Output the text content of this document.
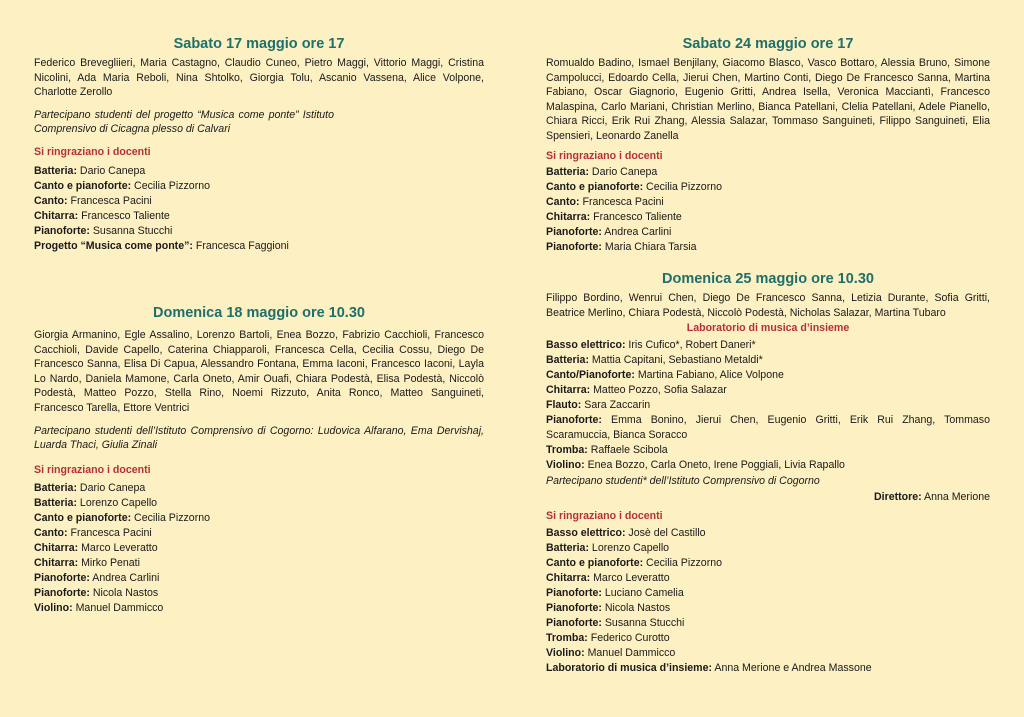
Sabato 17 maggio ore 17

Federico Brevegliieri, Maria Castagno, Claudio Cuneo, Pietro Maggi, Vittorio Maggi, Cristina Nicolini, Ada Maria Reboli, Nina Shtolko, Giorgia Tolu, Ascanio Vassena, Alice Volpone, Charlotte Zerollo

Partecipano studenti del progetto “Musica come ponte” Istituto Comprensivo di Cicagna plesso di Calvari

Si ringraziano i docenti

Batteria: Dario Canepa
Canto e pianoforte: Cecilia Pizzorno
Canto: Francesca Pacini
Chitarra: Francesco Taliente
Pianoforte: Susanna Stucchi
Progetto “Musica come ponte”: Francesca Faggioni
Domenica 18 maggio ore 10.30

Giorgia Armanino, Egle Assalino, Lorenzo Bartoli, Enea Bozzo, Fabrizio Cacchioli, Francesco Cacchioli, Davide Capello, Caterina Chiapparoli, Francesca Cella, Cecilia Cossu, Diego De Francesco Sanna, Elisa Di Capua, Alessandro Fontana, Emma Iaconi, Francesco Iaconi, Layla Lo Nardo, Daniela Mamone, Carla Oneto, Amir Ouafi, Chiara Podestà, Elisa Podestà, Niccolò Podestà, Matteo Pozzo, Stella Rino, Noemi Rizzuto, Anita Ronco, Matteo Sanguineti, Francesco Tarella, Ettore Ventrici

Partecipano studenti dell’Istituto Comprensivo di Cogorno: Ludovica Alfarano, Ema Dervishaj, Luarda Thaci, Giulia Zinali

Si ringraziano i docenti

Batteria: Dario Canepa
Batteria: Lorenzo Capello
Canto e pianoforte: Cecilia Pizzorno
Canto: Francesca Pacini
Chitarra: Marco Leveratto
Chitarra: Mirko Penati
Pianoforte: Andrea Carlini
Pianoforte: Nicola Nastos
Violino: Manuel Dammicco
Sabato 24 maggio ore 17

Romualdo Badino, Ismael Benjilany, Giacomo Blasco, Vasco Bottaro, Alessia Bruno, Simone Campolucci, Edoardo Cella, Jierui Chen, Martino Conti, Diego De Francesco Sanna, Martina Fabiano, Oscar Giagnorio, Eugenio Gritti, Andrea Isella, Veronica Macciantì, Francesco Malaspina, Carlo Mariani, Christian Merlino, Bianca Patellani, Clelia Patellani, Adele Pianello, Chiara Ricci, Erik Rui Zhang, Alessia Salazar, Tommaso Sanguineti, Filippo Sanguineti, Elia Spensieri, Leonardo Zanella

Si ringraziano i docenti

Batteria: Dario Canepa
Canto e pianoforte: Cecilia Pizzorno
Canto: Francesca Pacini
Chitarra: Francesco Taliente
Pianoforte: Andrea Carlini
Pianoforte: Maria Chiara Tarsia
Domenica 25 maggio ore 10.30

Filippo Bordino, Wenrui Chen, Diego De Francesco Sanna, Letizia Durante, Sofia Gritti, Beatrice Merlino, Chiara Podestà, Niccolò Podestà, Nicholas Salazar, Martina Tubaro

Laboratorio di musica d’insieme

Basso elettrico: Iris Cufico*, Robert Daneri*
Batteria: Mattia Capitani, Sebastiano Metaldi*
Canto/Pianoforte: Martina Fabiano, Alice Volpone
Chitarra: Matteo Pozzo, Sofia Salazar
Flauto: Sara Zaccarin
Pianoforte: Emma Bonino, Jierui Chen, Eugenio Gritti, Erik Rui Zhang, Tommaso Scaramuccia, Bianca Soracco
Tromba: Raffaele Scibola
Violino: Enea Bozzo, Carla Oneto, Irene Poggiali, Livia Rapallo

Partecipano studenti* dell’Istituto Comprensivo di Cogorno

Direttore: Anna Merione

Si ringraziano i docenti

Basso elettrico: Josè del Castillo
Batteria: Lorenzo Capello
Canto e pianoforte: Cecilia Pizzorno
Chitarra: Marco Leveratto
Pianoforte: Luciano Camelia
Pianoforte: Nicola Nastos
Pianoforte: Susanna Stucchi
Tromba: Federico Curotto
Violino: Manuel Dammicco
Laboratorio di musica d’insieme: Anna Merione e Andrea Massone
